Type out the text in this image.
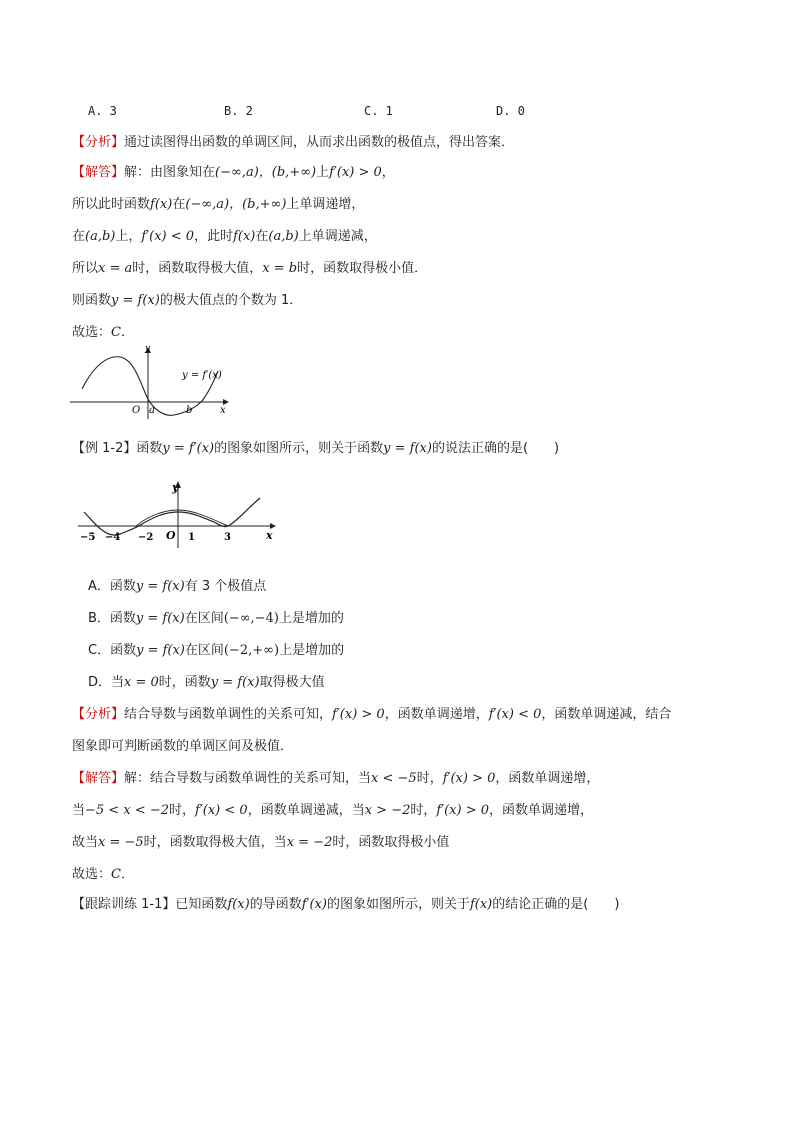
A. 3	B. 2	C. 1	D. 0
【分析】通过读图得出函数的单调区间，从而求出函数的极值点，得出答案．
【解答】解：由图象知在(−∞,a)，(b,+∞)上f′(x) > 0，
所以此时函数f(x)在(−∞,a)，(b,+∞)上单调递增，
在(a,b)上，f′(x) < 0，此时f(x)在(a,b)上单调递减，
所以x = a时，函数取得极大值，x = b时，函数取得极小值．
则函数y = f(x)的极大值点的个数为 1．
故选：C．
y
x
O a	b
y = f′(x)
【例 1-2】函数y = f′(x)的图象如图所示，则关于函数y = f(x)的说法正确的是(　　)
y
x
O
−5 −4 −2	1	3
A．函数y = f(x)有 3 个极值点
B．函数y = f(x)在区间(−∞,−4)上是增加的
C．函数y = f(x)在区间(−2,+∞)上是增加的
D．当x = 0时，函数y = f(x)取得极大值
【分析】结合导数与函数单调性的关系可知，f′(x) > 0，函数单调递增，f′(x) < 0，函数单调递减，结合
图象即可判断函数的单调区间及极值．
【解答】解：结合导数与函数单调性的关系可知，当x < −5时，f′(x) > 0，函数单调递增，
当−5 < x < −2时，f′(x) < 0，函数单调递减，当x > −2时，f′(x) > 0，函数单调递增，
故当x = −5时，函数取得极大值，当x = −2时，函数取得极小值
故选：C．
【跟踪训练 1-1】已知函数f(x)的导函数f′(x)的图象如图所示，则关于f(x)的结论正确的是(　　)
